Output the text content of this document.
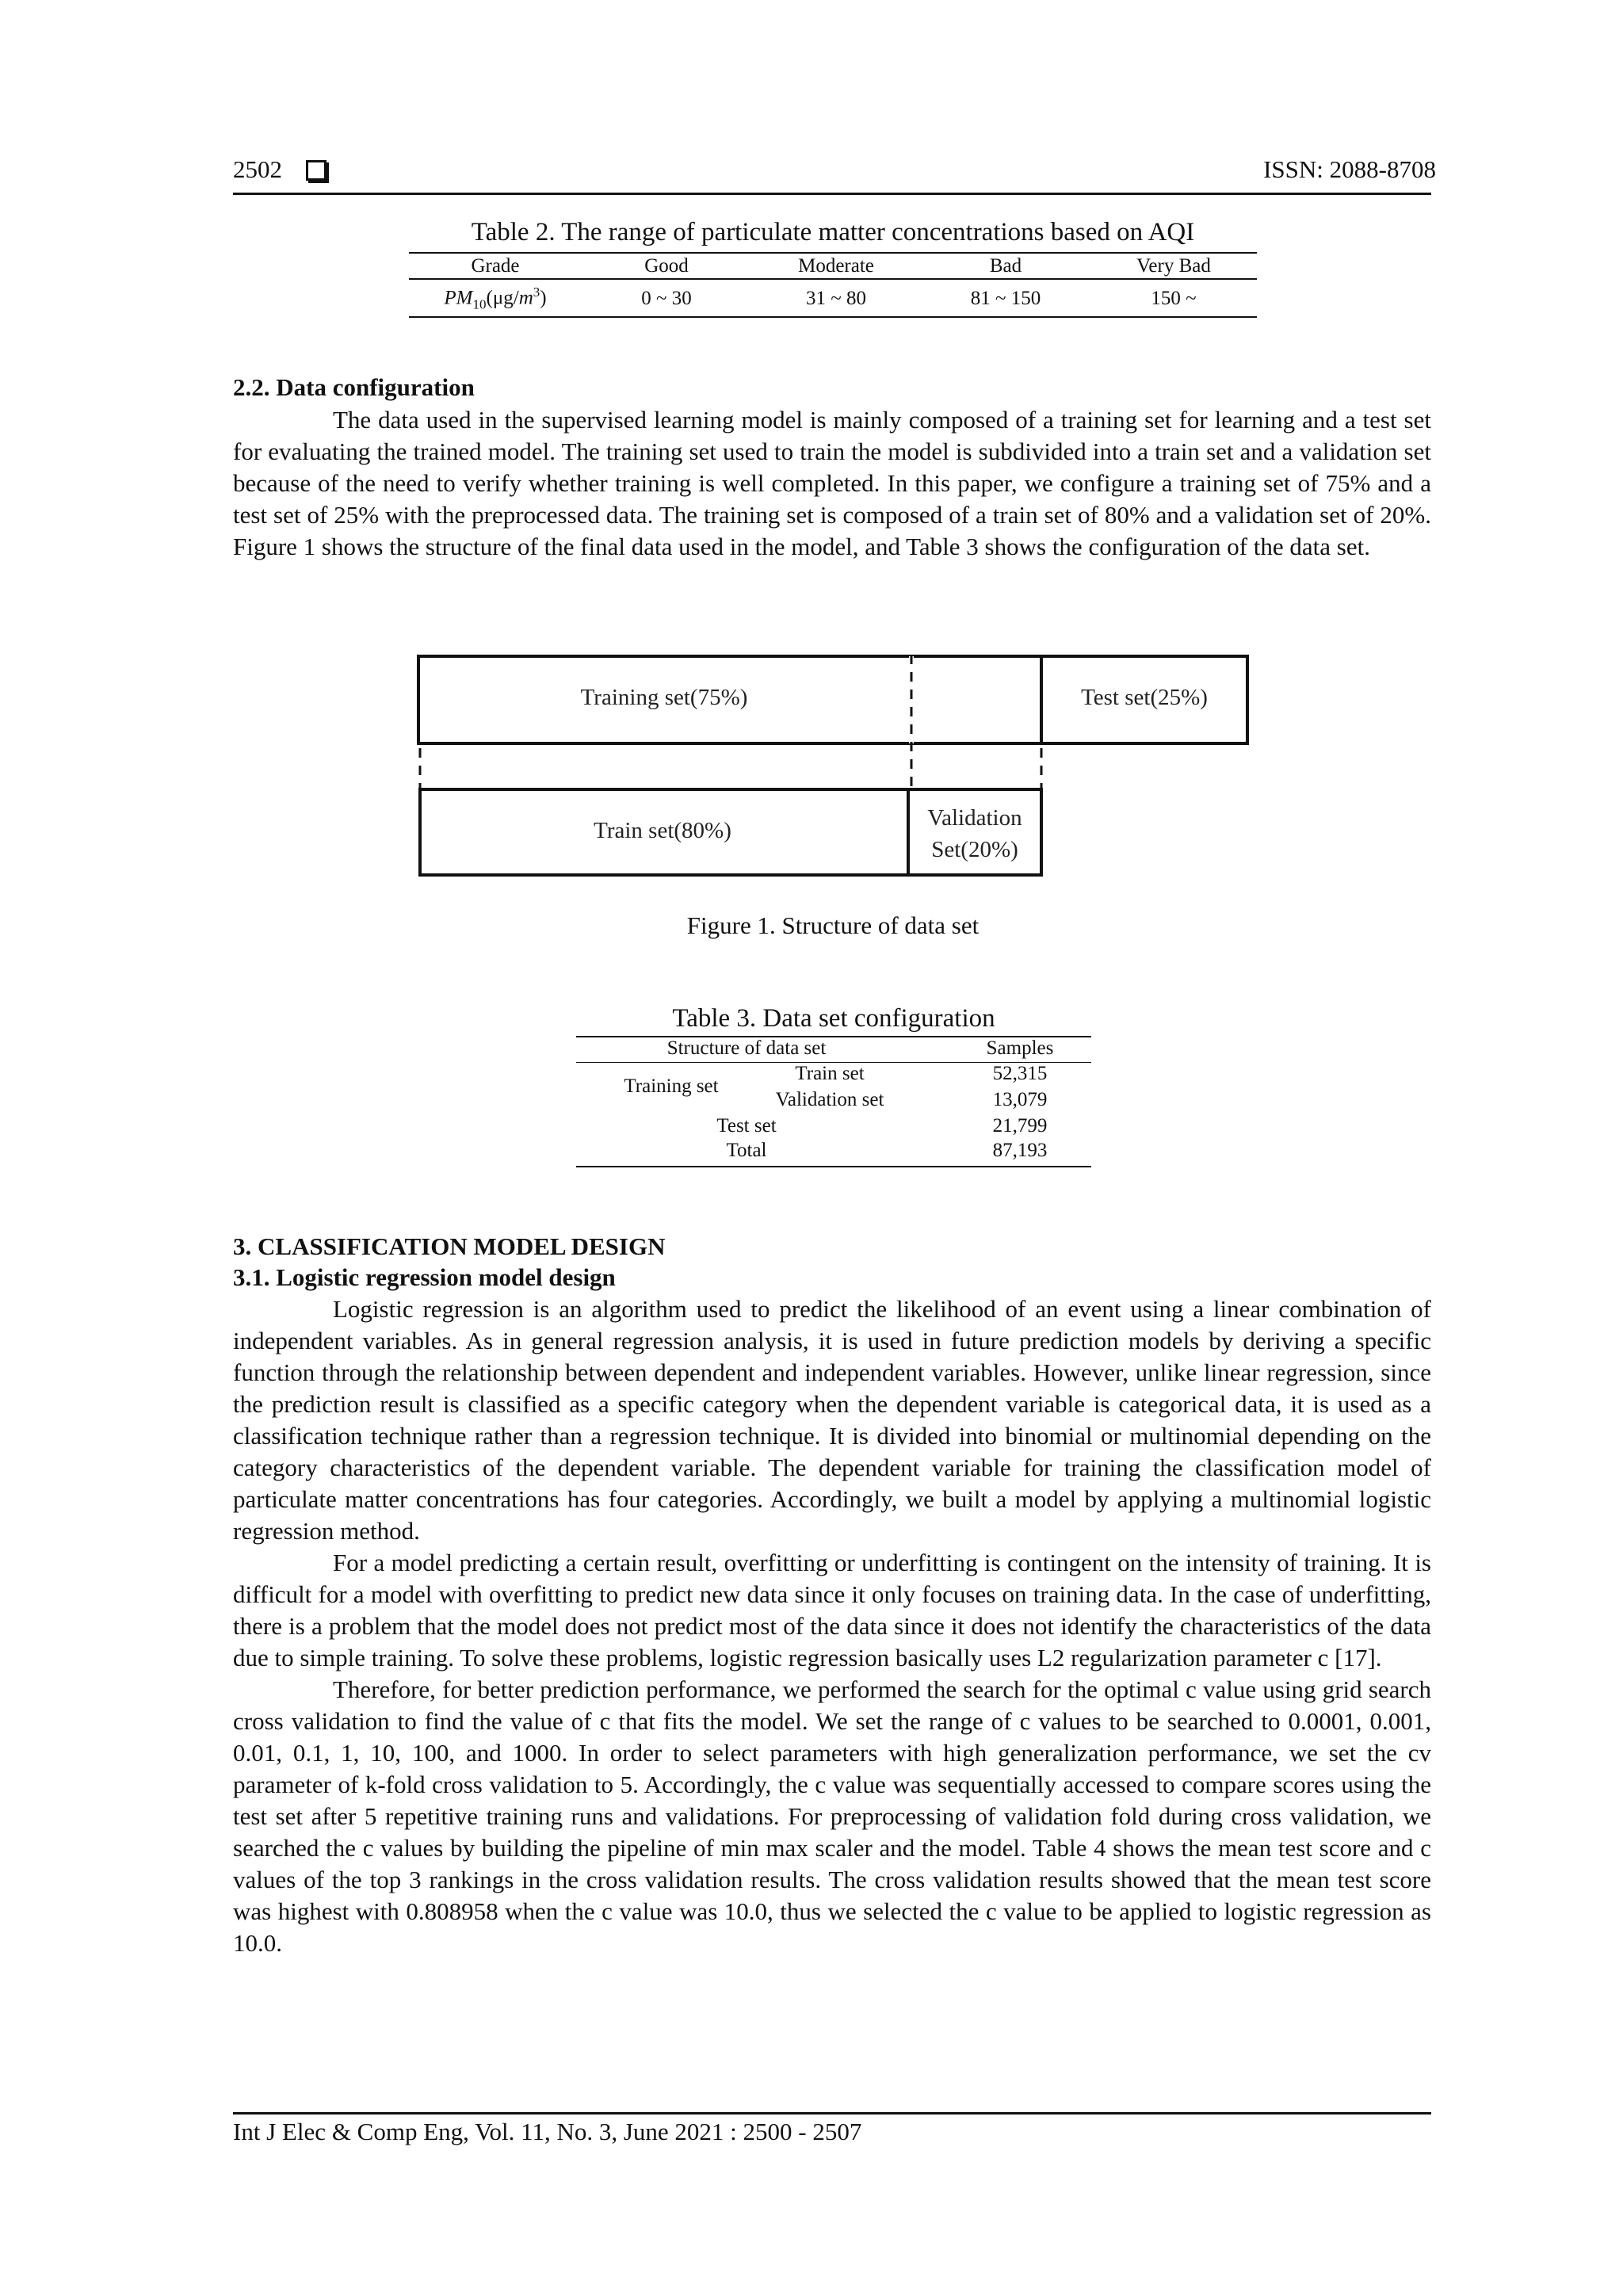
2502	ISSN: 2088-8708
Table 2. The range of particulate matter concentrations based on AQI
Grade	Good	Moderate	Bad	Very Bad
$PM_{10}(\mu g/m^3)$	0 ~ 30	31 ~ 80	81 ~ 150	150 ~
2.2. Data configuration

The data used in the supervised learning model is mainly composed of a training set for learning and a test set for evaluating the trained model. The training set used to train the model is subdivided into a train set and a validation set because of the need to verify whether training is well completed. In this paper, we configure a training set of 75% and a test set of 25% with the preprocessed data. The training set is composed of a train set of 80% and a validation set of 20%. Figure 1 shows the structure of the final data used in the model, and Table 3 shows the configuration of the data set.

Training set(75%)	Test set(25%)
Train set(80%)	Validation
Set(20%)
Figure 1. Structure of data set
Table 3. Data set configuration
Structure of data set	Samples
Training set
Train set	52,315
Validation set	13,079
Test set	21,799
Total	87,193
3. CLASSIFICATION MODEL DESIGN
3.1. Logistic regression model design

Logistic regression is an algorithm used to predict the likelihood of an event using a linear combination of independent variables. As in general regression analysis, it is used in future prediction models by deriving a specific function through the relationship between dependent and independent variables. However, unlike linear regression, since the prediction result is classified as a specific category when the dependent variable is categorical data, it is used as a classification technique rather than a regression technique. It is divided into binomial or multinomial depending on the category characteristics of the dependent variable. The dependent variable for training the classification model of particulate matter concentrations has four categories. Accordingly, we built a model by applying a multinomial logistic regression method.

For a model predicting a certain result, overfitting or underfitting is contingent on the intensity of training. It is difficult for a model with overfitting to predict new data since it only focuses on training data. In the case of underfitting, there is a problem that the model does not predict most of the data since it does not identify the characteristics of the data due to simple training. To solve these problems, logistic regression basically uses L2 regularization parameter c [17].

Therefore, for better prediction performance, we performed the search for the optimal c value using grid search cross validation to find the value of c that fits the model. We set the range of c values to be searched to 0.0001, 0.001, 0.01, 0.1, 1, 10, 100, and 1000. In order to select parameters with high generalization performance, we set the cv parameter of k-fold cross validation to 5. Accordingly, the c value was sequentially accessed to compare scores using the test set after 5 repetitive training runs and validations. For preprocessing of validation fold during cross validation, we searched the c values by building the pipeline of min max scaler and the model. Table 4 shows the mean test score and c values of the top 3 rankings in the cross validation results. The cross validation results showed that the mean test score was highest with 0.808958 when the c value was 10.0, thus we selected the c value to be applied to logistic regression as 10.0.

Int J Elec & Comp Eng, Vol. 11, No. 3, June 2021 : 2500 - 2507
